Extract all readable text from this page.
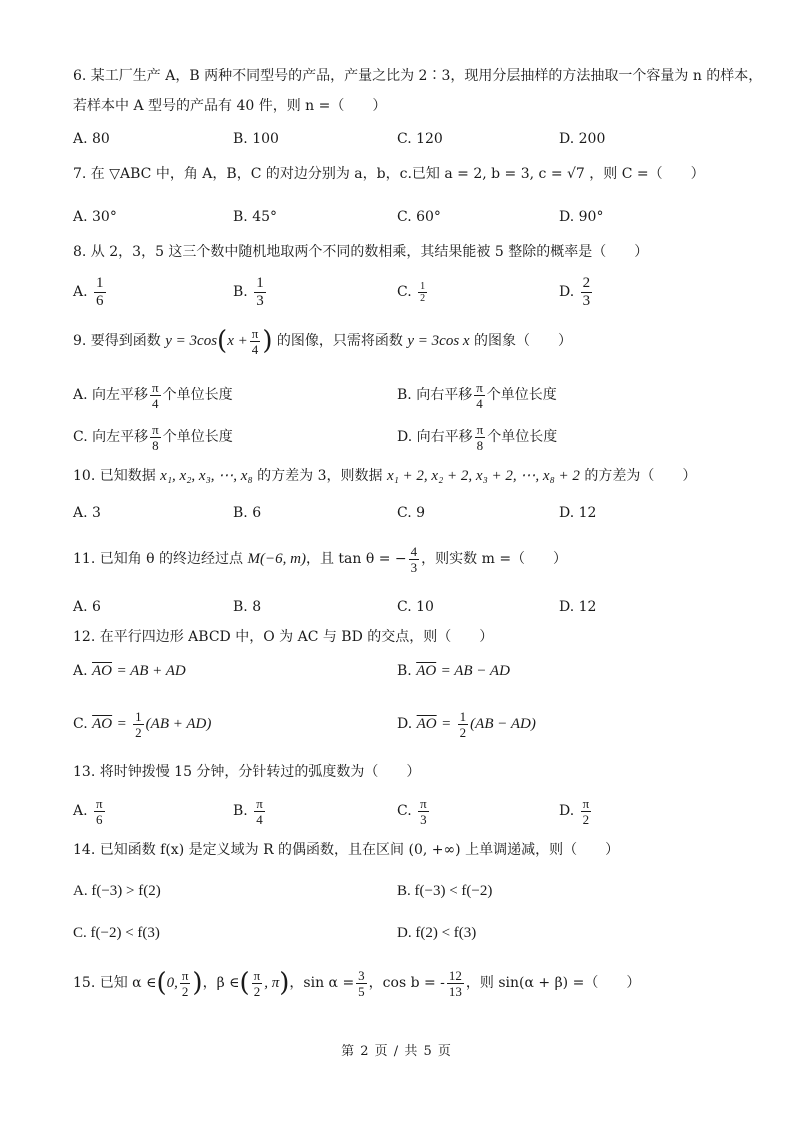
6. 某工厂生产 A，B 两种不同型号的产品，产量之比为 2∶3，现用分层抽样的方法抽取一个容量为 n 的样本，
若样本中 A 型号的产品有 40 件，则 n =（　　）
A. 80	B. 100	C. 120	D. 200
7. 在 ▽ABC 中，角 A，B，C 的对边分别为 a，b，c.已知 a = 2, b = 3, c = √7 ，则 C =（　　）
A. 30°	B. 45°	C. 60°	D. 90°
8. 从 2，3，5 这三个数中随机地取两个不同的数相乘，其结果能被 5 整除的概率是（　　）
A. $\frac{1}{6}$	B. $\frac{1}{3}$	C. $\frac{1}{2}$	D. $\frac{2}{3}$
9. 要得到函数 $y = 3\cos(x + \frac{\pi}{4}$ ) 的图像，只需将函数 y = 3cos x 的图象（　　）
A. 向左平移 $\frac{\pi}{4}$ 个单位长度	B. 向右平移 $\frac{\pi}{4}$ 个单位长度
C. 向左平移 $\frac{\pi}{8}$ 个单位长度	D. 向右平移 $\frac{\pi}{8}$ 个单位长度
10. 已知数据 x₁, x₂, x₃, ⋯, x₈ 的方差为 3，则数据 x₁ + 2, x₂ + 2, x₃ + 2, ⋯, x₈ + 2 的方差为（　　）
A. 3	B. 6	C. 9	D. 12
11. 已知角 θ 的终边经过点 M(−6, m)，且 tan θ = − $\frac{4}{3}$ ，则实数 m =（　　）
A. 6	B. 8	C. 10	D. 12
12. 在平行四边形 ABCD 中，O 为 AC 与 BD 的交点，则（　　）
A. $\overline{AO}$ = AB + AD	B. $\overline{AO}$ = AB − AD
C. $\overline{AO} = \frac{1}{2} (AB + AD)$	D. $\overline{AO} = \frac{1}{2} (AB - AD)$
13. 将时钟拨慢 15 分钟，分针转过的弧度数为（　　）
A. $\frac{\pi}{6}$	B. $\frac{\pi}{4}$	C. $\frac{\pi}{3}$	D. $\frac{\pi}{2}$
14. 已知函数 f(x) 是定义域为 R 的偶函数，且在区间 (0, +∞) 上单调递减，则（　　）
A. f(−3) > f(2)	B. f(−3) < f(−2)
C. f(−2) < f(3)	D. f(2) < f(3)
15. 已知 α ∈(0, $\frac{\pi}{2}$ )，β ∈( $\frac{\pi}{2}$ , π)，$\sin \alpha = \frac{3}{5}$ ，cos b = - $\frac{12}{13}$ ，则 sin(α + β) =（　　）
第 2 页 / 共 5 页
